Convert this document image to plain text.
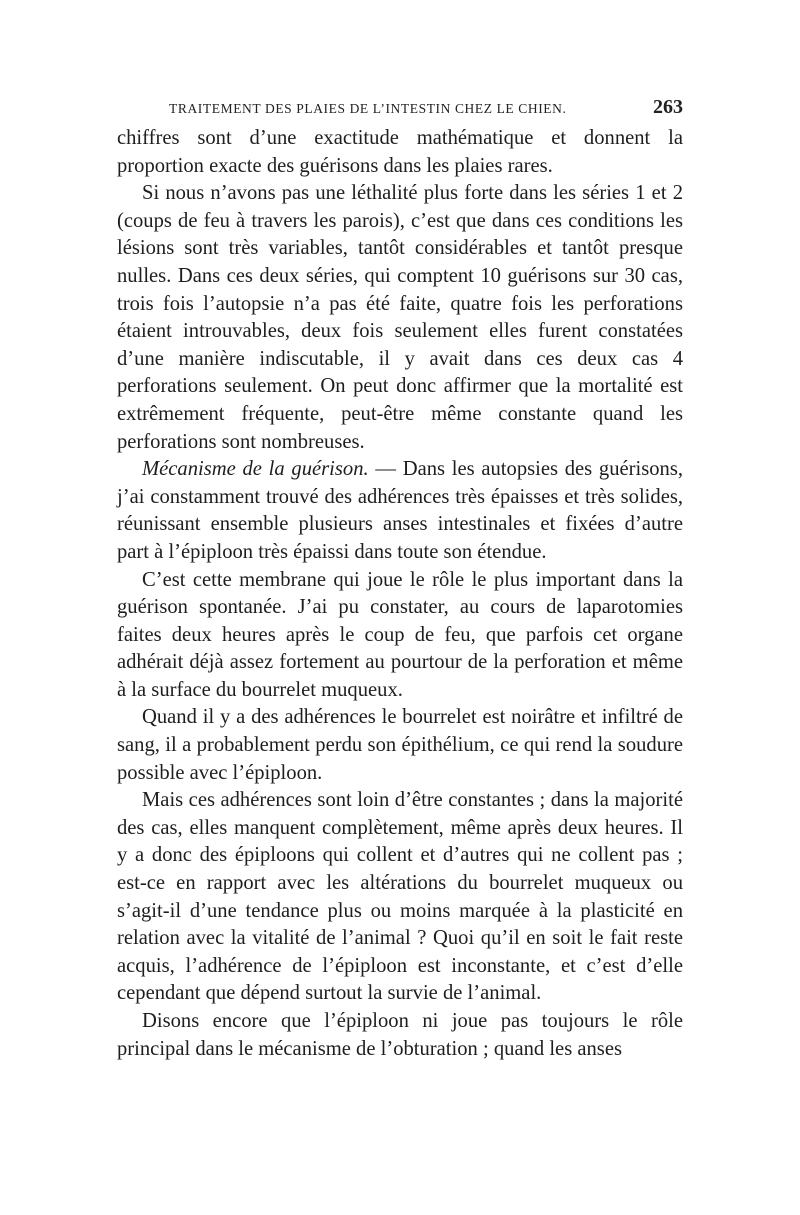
TRAITEMENT DES PLAIES DE L’INTESTIN CHEZ LE CHIEN.	263

chiffres sont d’une exactitude mathématique et donnent la proportion exacte des guérisons dans les plaies rares.

Si nous n’avons pas une léthalité plus forte dans les séries 1 et 2 (coups de feu à travers les parois), c’est que dans ces conditions les lésions sont très variables, tantôt considérables et tantôt presque nulles. Dans ces deux séries, qui comptent 10 guérisons sur 30 cas, trois fois l’autopsie n’a pas été faite, quatre fois les perforations étaient introuvables, deux fois seulement elles furent constatées d’une manière indiscutable, il y avait dans ces deux cas 4 perforations seulement. On peut donc affirmer que la mortalité est extrêmement fréquente, peut-être même constante quand les perforations sont nombreuses.

Mécanisme de la guérison. — Dans les autopsies des guérisons, j’ai constamment trouvé des adhérences très épaisses et très solides, réunissant ensemble plusieurs anses intestinales et fixées d’autre part à l’épiploon très épaissi dans toute son étendue.

C’est cette membrane qui joue le rôle le plus important dans la guérison spontanée. J’ai pu constater, au cours de laparotomies faites deux heures après le coup de feu, que parfois cet organe adhérait déjà assez fortement au pourtour de la perforation et même à la surface du bourrelet muqueux.

Quand il y a des adhérences le bourrelet est noirâtre et infiltré de sang, il a probablement perdu son épithélium, ce qui rend la soudure possible avec l’épiploon.

Mais ces adhérences sont loin d’être constantes ; dans la majorité des cas, elles manquent complètement, même après deux heures. Il y a donc des épiploons qui collent et d’autres qui ne collent pas ; est-ce en rapport avec les altérations du bourrelet muqueux ou s’agit-il d’une tendance plus ou moins marquée à la plasticité en relation avec la vitalité de l’animal ? Quoi qu’il en soit le fait reste acquis, l’adhérence de l’épiploon est inconstante, et c’est d’elle cependant que dépend surtout la survie de l’animal.

Disons encore que l’épiploon ni joue pas toujours le rôle principal dans le mécanisme de l’obturation ; quand les anses
